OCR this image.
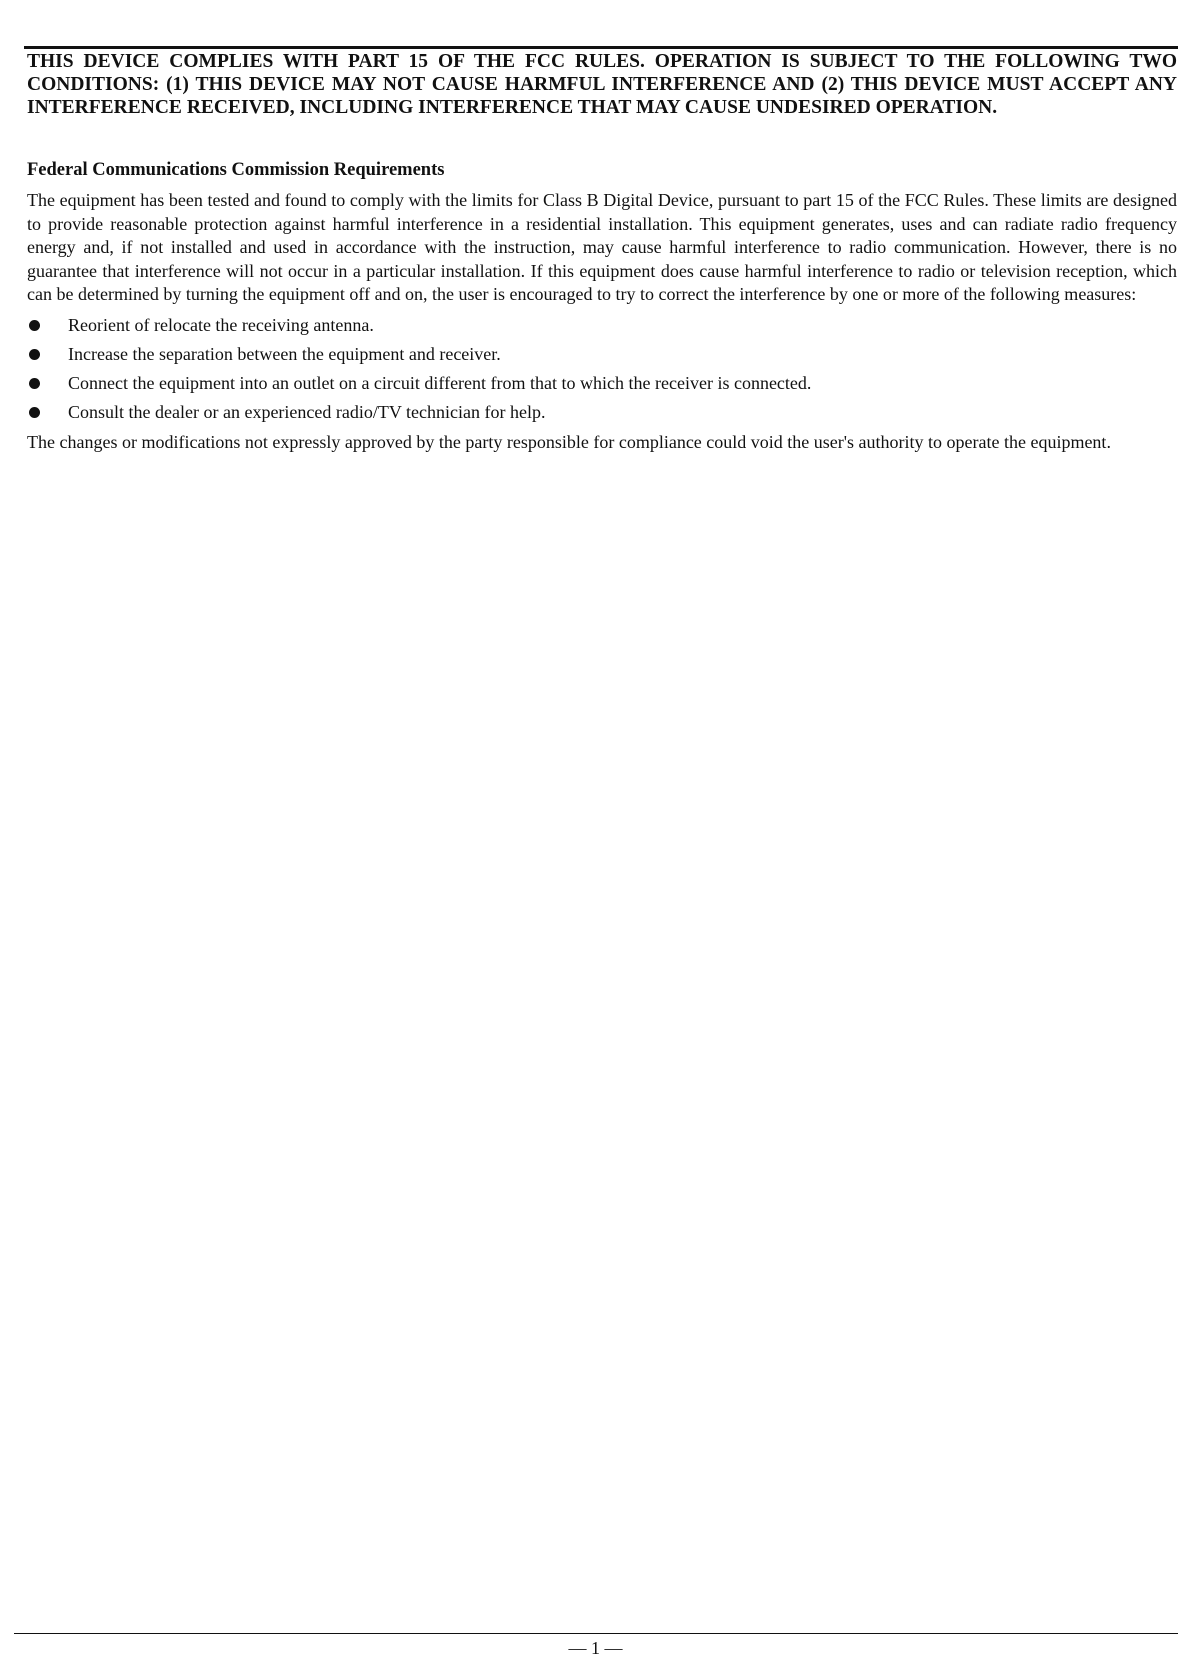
THIS DEVICE COMPLIES WITH PART 15 OF THE FCC RULES. OPERATION IS SUBJECT TO THE FOLLOWING TWO CONDITIONS: (1) THIS DEVICE MAY NOT CAUSE HARMFUL INTERFERENCE AND (2) THIS DEVICE MUST ACCEPT ANY INTERFERENCE RECEIVED, INCLUDING INTERFERENCE THAT MAY CAUSE UNDESIRED OPERATION.
Federal Communications Commission Requirements

The equipment has been tested and found to comply with the limits for Class B Digital Device, pursuant to part 15 of the FCC Rules. These limits are designed to provide reasonable protection against harmful interference in a residential installation. This equipment generates, uses and can radiate radio frequency energy and, if not installed and used in accordance with the instruction, may cause harmful interference to radio communication. However, there is no guarantee that interference will not occur in a particular installation. If this equipment does cause harmful interference to radio or television reception, which can be determined by turning the equipment off and on, the user is encouraged to try to correct the interference by one or more of the following measures:

Reorient of relocate the receiving antenna.
Increase the separation between the equipment and receiver.
Connect the equipment into an outlet on a circuit different from that to which the receiver is connected.
Consult the dealer or an experienced radio/TV technician for help.

The changes or modifications not expressly approved by the party responsible for compliance could void the user's authority to operate the equipment.

— 1 —
